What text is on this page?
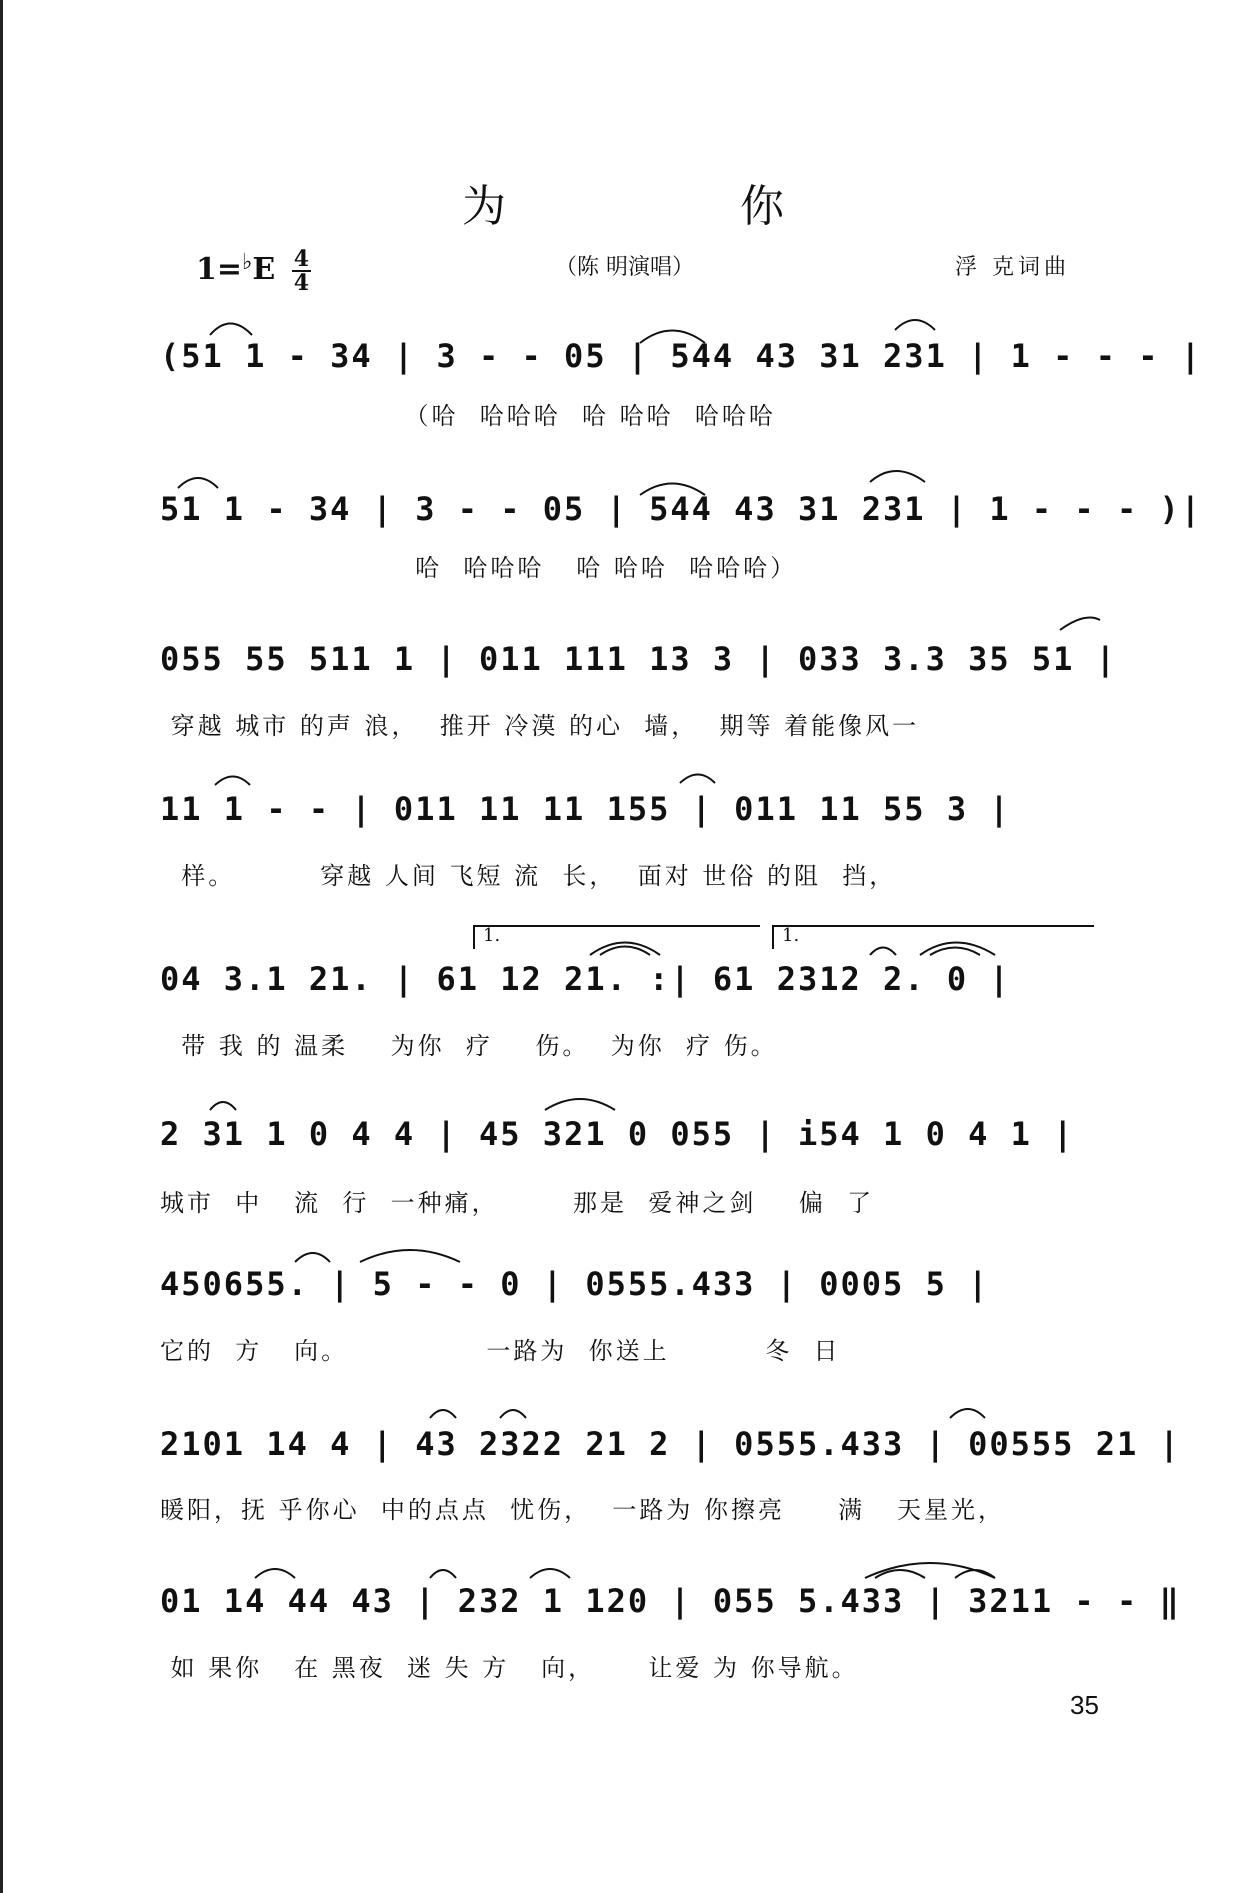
为 你
$1=^♭E \frac{4}{4}$	（陈 明演唱）	浮 克词曲
(51 1 - 34 | 3 - - 05 | 544 43 31 231 | 1 - - - |
（哈  哈哈哈  哈 哈哈  哈哈哈
51 1 - 34 | 3 - - 05 | 544 43 31 231 | 1 - - - )|
哈  哈哈哈   哈 哈哈  哈哈哈）
055 55 511 1 | 011 111 13 3 | 033 3.3 35 51 |
穿越 城市 的声 浪，  推开 冷漠 的心  墙，  期等 着能像风一
11 1 - - | 011 11 11 155 | 011 11 55 3 |
样。        穿越 人间 飞短 流  长，  面对 世俗 的阻  挡，
1.	1.
04 3.1 21. | 61 12 21. :| 61 2312 2. 0 |
带 我 的 温柔    为你  疗    伤。  为你  疗 伤。
2 31 1 0 4 4 | 45 321 0 055 | i54 1 0 4 1 |
城市  中   流  行  一种痛，       那是  爱神之剑    偏  了
450655. | 5 - - 0 | 0555.433 | 0005 5 |
它的  方   向。             一路为  你送上         冬  日
2101 14 4 | 43 2322 21 2 | 0555.433 | 00555 21 |
暖阳，抚 乎你心  中的点点  忧伤，  一路为 你擦亮     满   天星光，
01 14 44 43 | 232 1 120 | 055 5.433 | 3211 - - ‖
如 果你   在 黑夜  迷 失 方   向，     让爱 为 你导航。
35
